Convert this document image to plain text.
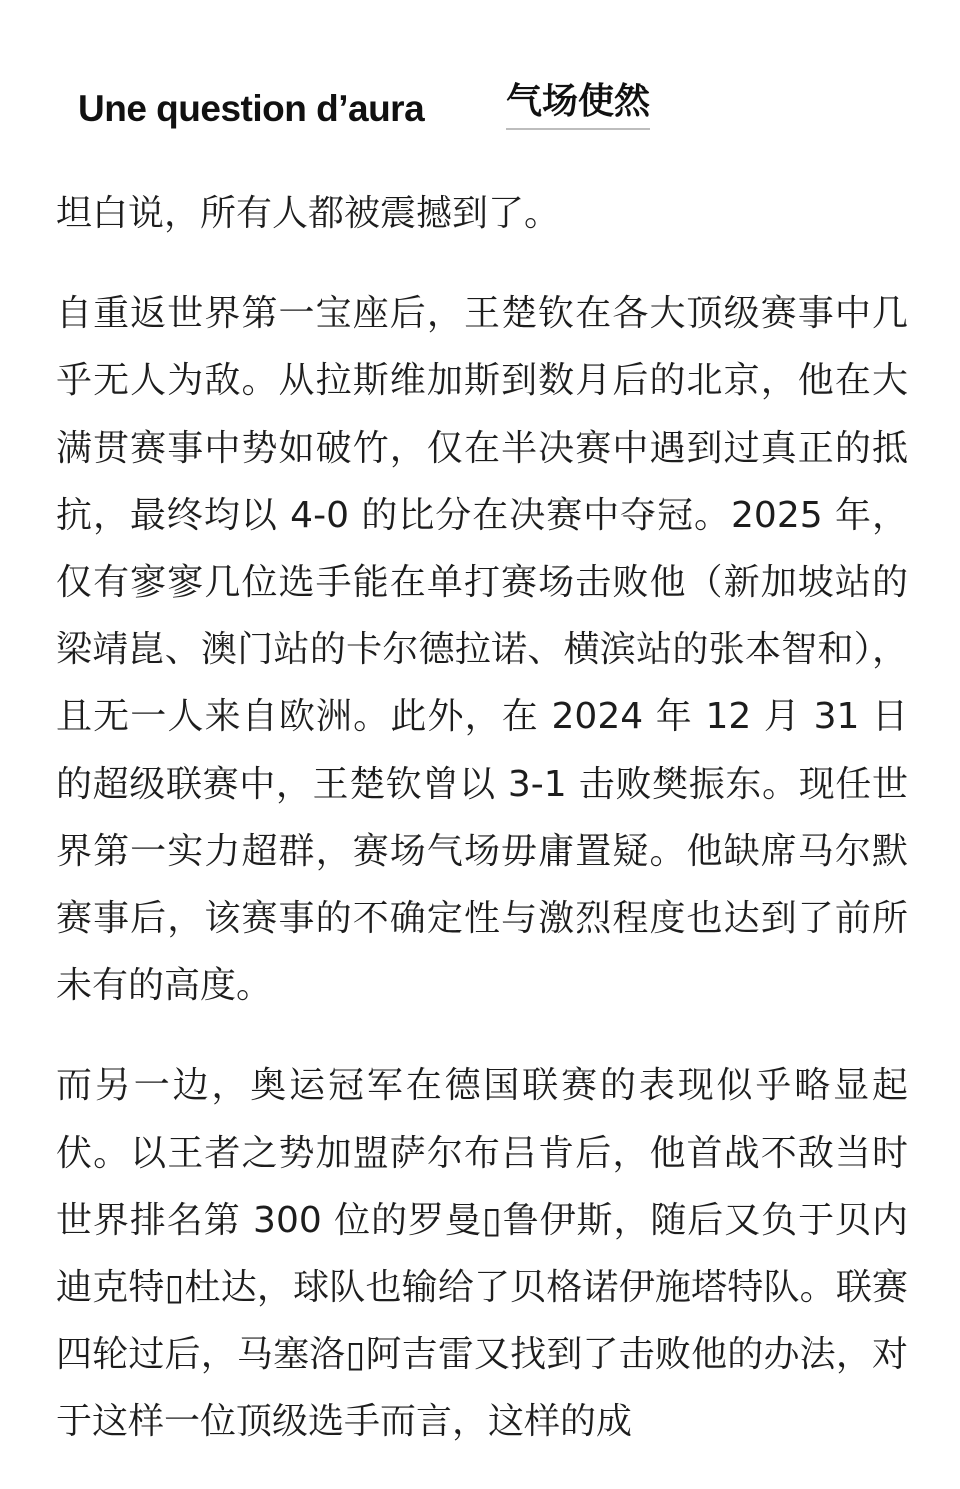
Une question d’aura 气场使然

坦白说，所有人都被震撼到了。

自重返世界第一宝座后，王楚钦在各大顶级赛事中几乎无人为敌。从拉斯维加斯到数月后的北京，他在大满贯赛事中势如破竹，仅在半决赛中遇到过真正的抵抗，最终均以 4-0 的比分在决赛中夺冠。2025 年，仅有寥寥几位选手能在单打赛场击败他（新加坡站的梁靖崑、澳门站的卡尔德拉诺、横滨站的张本智和），且无一人来自欧洲。此外，在 2024 年 12 月 31 日的超级联赛中，王楚钦曾以 3-1 击败樊振东。现任世界第一实力超群，赛场气场毋庸置疑。他缺席马尔默赛事后，该赛事的不确定性与激烈程度也达到了前所未有的高度。

而另一边，奥运冠军在德国联赛的表现似乎略显起伏。以王者之势加盟萨尔布吕肯后，他首战不敌当时世界排名第 300 位的罗曼▯鲁伊斯，随后又负于贝内迪克特▯杜达，球队也输给了贝格诺伊施塔特队。联赛四轮过后，马塞洛▯阿吉雷又找到了击败他的办法，对于这样一位顶级选手而言，这样的成
